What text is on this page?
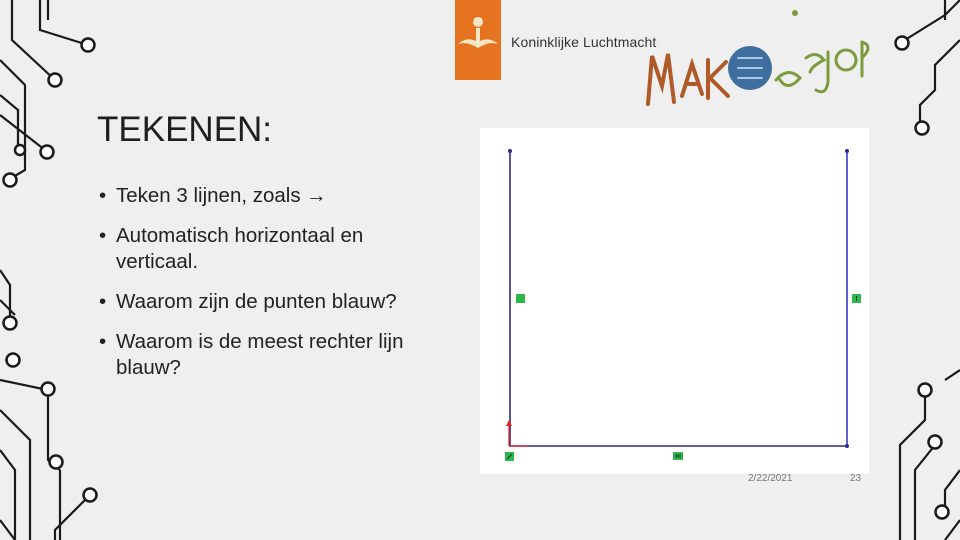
Koninklijke Luchtmacht
TEKENEN:
• Teken 3 lijnen, zoals →
• Automatisch horizontaal en verticaal.
• Waarom zijn de punten blauw?
• Waarom is de meest rechter lijn blauw?
2/22/2021	23
